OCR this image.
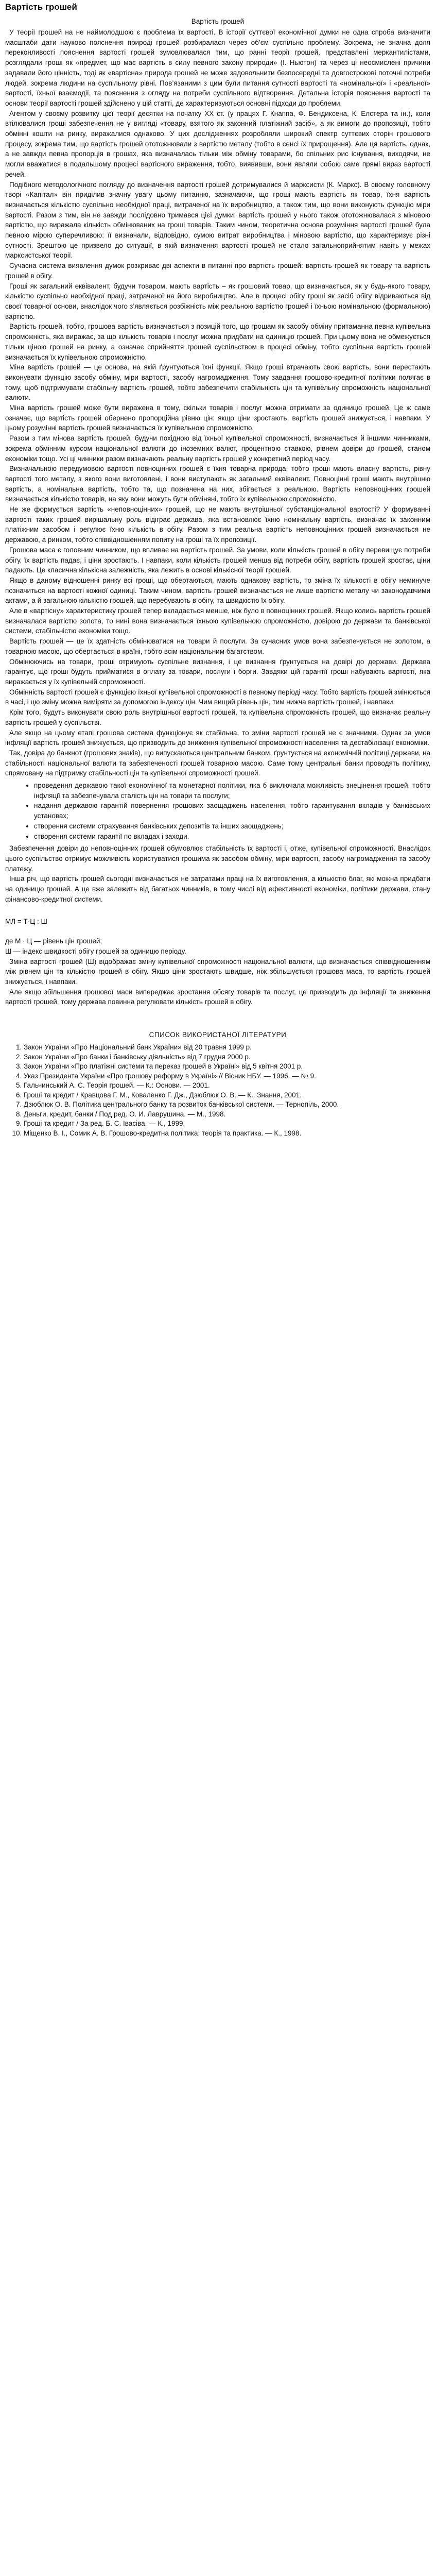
Вартість грошей
Вартість грошей

У теорії грошей на не наймолодшою є проблема їх вартості. В історії суттєвої економічної думки не одна спроба визначити масштаби дати науково пояснення природі грошей розбиралася через об’єм суспільно проблему. Зокрема, не значна доля переконливості пояснення вартості грошей зумовлювалася тим, що ранні теорії грошей, представлені меркантилістами, розглядали гроші як «предмет, що має вартість в силу певного закону природи» (І. Ньютон) та через ці неосмислені причини задавали його цінність, тоді як «вартісна» природа грошей не може задовольнити безпосередні та довгострокові поточні потреби людей, зокрема людини на суспільному рівні. Пов’язаними з цим були питання сутності вартості та «номінальної» і «реальної» вартості, їхньої взаємодії, та пояснення з огляду на потреби суспільного відтворення. Детальна історія пояснення вартості та основи теорії вартості грошей здійснено у цій статті, де характеризуються основні підходи до проблеми.

Агентом у своєму розвитку цієї теорії десятки на початку XX ст. (у працях Г. Кнаппа, Ф. Бендиксена, К. Елстера та ін.), коли втілювалися гроші забезпечення не у вигляді «товару, взятого як законний платіжний засіб», а як вимоги до пропозиції, тобто обмінні кошти на ринку, виражалися однаково. У цих дослідженнях розробляли широкий спектр суттєвих сторін грошового процесу, зокрема тим, що вартість грошей ототожнювали з вартістю металу (тобто в сенсі їх прирощення). Але ця вартість, однак, а не завжди певна пропорція в грошах, яка визначалась тільки між обміну товарами, бо спільних рис існування, виходячи, не могли вважатися в подальшому процесі вартісного вираження, тобто, виявивши, вони являли собою саме прямі вираз вартості речей.

Подібного методологічного погляду до визначення вартості грошей дотримувалися й марксисти (К. Маркс). В своєму головному творі «Капітал» він приділив значну увагу цьому питанню, зазначаючи, що гроші мають вартість як товар, їхня вартість визначається кількістю суспільно необхідної праці, витраченої на їх виробництво, а також тим, що вони виконують функцію міри вартості. Разом з тим, він не завжди послідовно тримався цієї думки: вартість грошей у нього також ототожнювалася з міновою вартістю, що виражала кількість обмінюваних на гроші товарів. Таким чином, теоретична основа розуміння вартості грошей була певною мірою суперечливою: її визначали, відповідно, сумою витрат виробництва і міновою вартістю, що характеризує різні сутності. Зрештою це призвело до ситуації, в якій визначення вартості грошей не стало загальноприйнятим навіть у межах марксистської теорії.

Сучасна система виявлення думок розкриває дві аспекти в питанні про вартість грошей: вартість грошей як товару та вартість грошей в обігу.

Гроші як загальний еквівалент, будучи товаром, мають вартість – як грошовий товар, що визначається, як у будь-якого товару, кількістю суспільно необхідної праці, затраченої на його виробництво. Але в процесі обігу гроші як засіб обігу відриваються від своєї товарної основи, внаслідок чого з’являється розбіжність між реальною вартістю грошей і їхньою номінальною (формальною) вартістю.

Вартість грошей, тобто, грошова вартість визначається з позицій того, що грошам як засобу обміну притаманна певна купівельна спроможність, яка виражає, за що кількість товарів і послуг можна придбати на одиницю грошей. При цьому вона не обмежується тільки ціною грошей на ринку, а означає сприйняття грошей суспільством в процесі обміну, тобто суспільна вартість грошей визначається їх купівельною спроможністю.

Міна вартість грошей — це основа, на якій ґрунтуються їхні функції. Якщо гроші втрачають свою вартість, вони перестають виконувати функцію засобу обміну, міри вартості, засобу нагромадження. Тому завдання грошово-кредитної політики полягає в тому, щоб підтримувати стабільну вартість грошей, тобто забезпечити стабільність цін та купівельну спроможність національної валюти.

Міна вартість грошей може бути виражена в тому, скільки товарів і послуг можна отримати за одиницю грошей. Це ж саме означає, що вартість грошей обернено пропорційна рівню цін: якщо ціни зростають, вартість грошей знижується, і навпаки. У цьому розумінні вартість грошей визначається їх купівельною спроможністю.

Разом з тим мінова вартість грошей, будучи похідною від їхньої купівельної спроможності, визначається й іншими чинниками, зокрема обмінним курсом національної валюти до іноземних валют, процентною ставкою, рівнем довіри до грошей, станом економіки тощо. Усі ці чинники разом визначають реальну вартість грошей у конкретний період часу.

Визначальною передумовою вартості повноцінних грошей є їхня товарна природа, тобто гроші мають власну вартість, рівну вартості того металу, з якого вони виготовлені, і вони виступають як загальний еквівалент. Повноцінні гроші мають внутрішню вартість, а номінальна вартість, тобто та, що позначена на них, збігається з реальною. Вартість неповноцінних грошей визначається кількістю товарів, на яку вони можуть бути обміняні, тобто їх купівельною спроможністю.

Не же формується вартість «неповноцінних» грошей, що не мають внутрішньої субстанціональної вартості? У формуванні вартості таких грошей вирішальну роль відіграє держава, яка встановлює їхню номінальну вартість, визначає їх законним платіжним засобом і регулює їхню кількість в обігу. Разом з тим реальна вартість неповноцінних грошей визначається не державою, а ринком, тобто співвідношенням попиту на гроші та їх пропозиції.

Грошова маса є головним чинником, що впливає на вартість грошей. За умови, коли кількість грошей в обігу перевищує потреби обігу, їх вартість падає, і ціни зростають. І навпаки, коли кількість грошей менша від потреби обігу, вартість грошей зростає, ціни падають. Це класична кількісна залежність, яка лежить в основі кількісної теорії грошей.

Якщо в даному відношенні ринку всі гроші, що обертаються, мають однакову вартість, то зміна їх кількості в обігу неминуче позначиться на вартості кожної одиниці. Таким чином, вартість грошей визначається не лише вартістю металу чи законодавчими актами, а й загальною кількістю грошей, що перебувають в обігу, та швидкістю їх обігу.

Але в «вартісну» характеристику грошей тепер вкладається менше, ніж було в повноцінних грошей. Якщо колись вартість грошей визначалася вартістю золота, то нині вона визначається їхньою купівельною спроможністю, довірою до держави та банківської системи, стабільністю економіки тощо.

Вартість грошей — це їх здатність обмінюватися на товари й послуги. За сучасних умов вона забезпечується не золотом, а товарною масою, що обертається в країні, тобто всім національним багатством.

Обмінюючись на товари, гроші отримують суспільне визнання, і це визнання ґрунтується на довірі до держави. Держава гарантує, що гроші будуть прийматися в оплату за товари, послуги і борги. Завдяки цій гарантії гроші набувають вартості, яка виражається у їх купівельній спроможності.

Обмінність вартості грошей є функцією їхньої купівельної спроможності в певному періоді часу. Тобто вартість грошей змінюється в часі, і цю зміну можна виміряти за допомогою індексу цін. Чим вищий рівень цін, тим нижча вартість грошей, і навпаки.

Крім того, будуть виконувати свою роль внутрішньої вартості грошей, та купівельна спроможність грошей, що визначає реальну вартість грошей у суспільстві.

Але якщо на цьому етапі грошова система функціонує як стабільна, то зміни вартості грошей не є значними. Однак за умов інфляції вартість грошей знижується, що призводить до зниження купівельної спроможності населення та дестабілізації економіки.

Так, довіра до банкнот (грошових знаків), що випускаються центральним банком, ґрунтується на економічній політиці держави, на стабільності національної валюти та забезпеченості грошей товарною масою. Саме тому центральні банки проводять політику, спрямовану на підтримку стабільності цін та купівельної спроможності грошей.

• проведення державою такої економічної та монетарної політики, яка б виключала можливість знецінення грошей, тобто інфляції та забезпечувала сталість цін на товари та послуги;
• надання державою гарантій повернення грошових заощаджень населення, тобто гарантування вкладів у банківських установах;
• створення системи страхування банківських депозитів та інших заощаджень;
• створення системи гарантії по вкладах і заходи.

Забезпечення довіри до неповноцінних грошей обумовлює стабільність їх вартості і, отже, купівельної спроможності. Внаслідок цього суспільство отримує можливість користуватися грошима як засобом обміну, міри вартості, засобу нагромадження та засобу платежу.

Інша річ, що вартість грошей сьогодні визначається не затратами праці на їх виготовлення, а кількістю благ, які можна придбати на одиницю грошей. А це вже залежить від багатьох чинників, в тому числі від ефективності економіки, політики держави, стану фінансово-кредитної системи.

МЛ = Т·Ц : Ш
де М · Ц — рівень цін грошей;
Ш — індекс швидкості обігу грошей за одиницю періоду.
Зміна вартості грошей (Ш) відображає зміну купівельної спроможності національної валюти, що визначається співвідношенням між рівнем цін та кількістю грошей в обігу. Якщо ціни зростають швидше, ніж збільшується грошова маса, то вартість грошей знижується, і навпаки.
Але якщо збільшення грошової маси випереджає зростання обсягу товарів та послуг, це призводить до інфляції та зниження вартості грошей, тому держава повинна регулювати кількість грошей в обігу.
СПИСОК ВИКОРИСТАНОЇ ЛІТЕРАТУРИ
1. Закон України «Про Національний банк України» від 20 травня 1999 р.
2. Закон України «Про банки і банківську діяльність» від 7 грудня 2000 р.
3. Закон України «Про платіжні системи та переказ грошей в Україні» від 5 квітня 2001 р.
4. Указ Президента України «Про грошову реформу в Україні» // Вісник НБУ. — 1996. — № 9.
5. Гальчинський А. С. Теорія грошей. — К.: Основи. — 2001.
6. Гроші та кредит / Кравцова Г. М., Коваленко Г. Дж., Дзюблюк О. В. — К.: Знання, 2001.
7. Дзюблюк О. В. Політика центрального банку та розвиток банківської системи. — Тернопіль, 2000.
8. Деньги, кредит, банки / Под ред. О. И. Лаврушина. — М., 1998.
9. Гроші та кредит / За ред. Б. С. Івасіва. — К., 1999.
10. Міщенко В. І., Сомик А. В. Грошово-кредитна політика: теорія та практика. — К., 1998.
